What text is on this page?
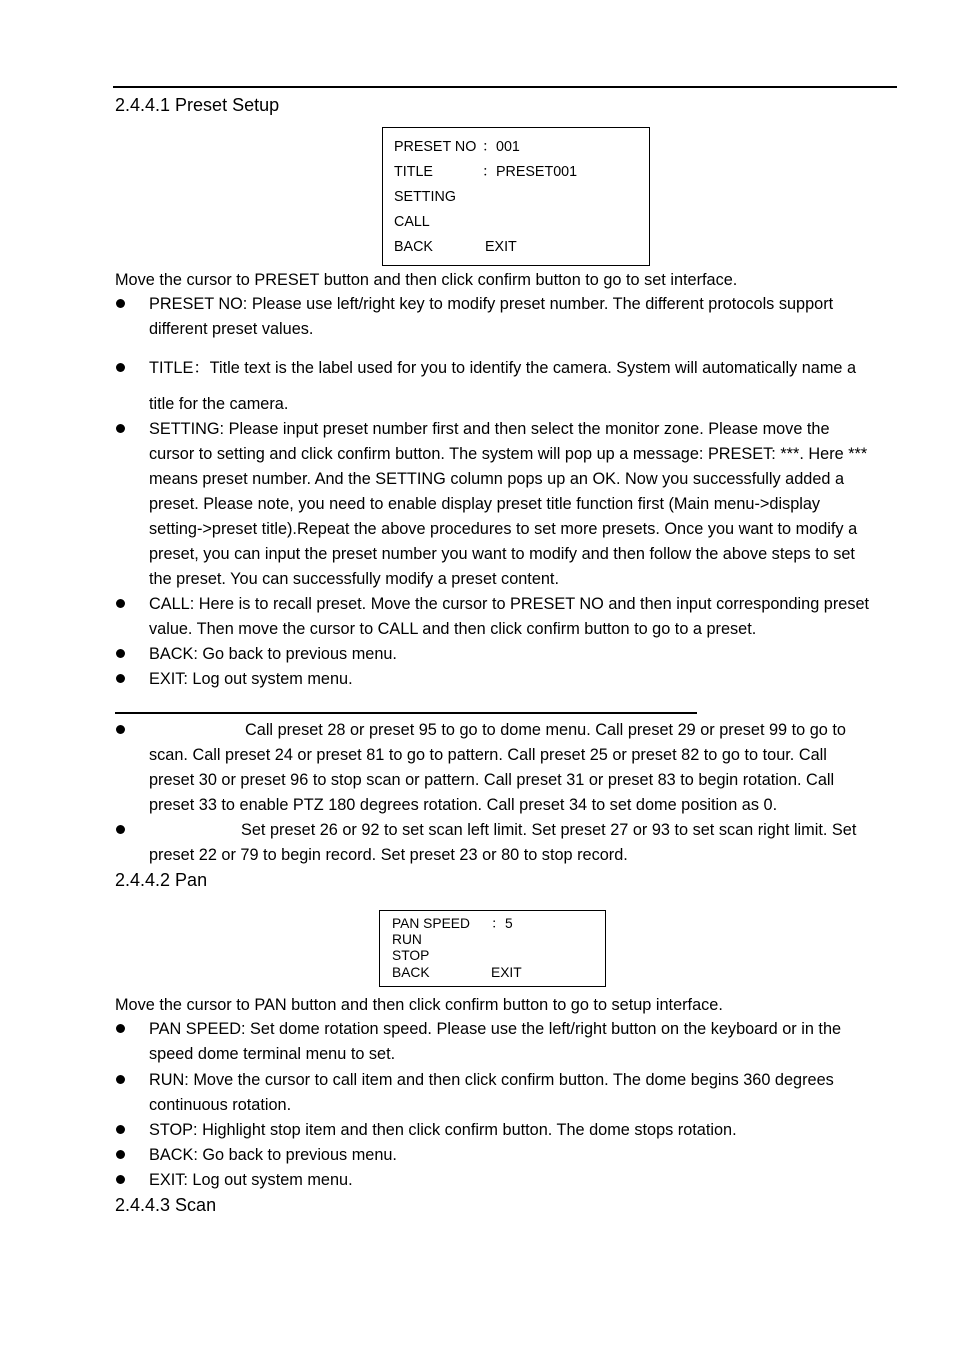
2.4.4.1 Preset Setup
PRESET NO ： 001
TITLE	： PRESET001
SETTING
CALL
BACK	EXIT
Move the cursor to PRESET button and then click confirm button to go to set interface.
PRESET NO: Please use left/right key to modify preset number. The different protocols support
different preset values.
TITLE：Title text is the label used for you to identify the camera. System will automatically name a
title for the camera.
SETTING: Please input preset number first and then select the monitor zone. Please move the
cursor to setting and click confirm button. The system will pop up a message: PRESET: ***. Here ***
means preset number. And the SETTING column pops up an OK. Now you successfully added a
preset. Please note, you need to enable display preset title function first (Main menu->display
setting->preset title).Repeat the above procedures to set more presets. Once you want to modify a
preset, you can input the preset number you want to modify and then follow the above steps to set
the preset. You can successfully modify a preset content.
CALL: Here is to recall preset. Move the cursor to PRESET NO and then input corresponding preset
value. Then move the cursor to CALL and then click confirm button to go to a preset.
BACK: Go back to previous menu.
EXIT: Log out system menu.
Call preset 28 or preset 95 to go to dome menu. Call preset 29 or preset 99 to go to
scan. Call preset 24 or preset 81 to go to pattern. Call preset 25 or preset 82 to go to tour. Call
preset 30 or preset 96 to stop scan or pattern. Call preset 31 or preset 83 to begin rotation. Call
preset 33 to enable PTZ 180 degrees rotation. Call preset 34 to set dome position as 0.
Set preset 26 or 92 to set scan left limit. Set preset 27 or 93 to set scan right limit. Set
preset 22 or 79 to begin record. Set preset 23 or 80 to stop record.
2.4.4.2 Pan
PAN SPEED ： 5
RUN
STOP
BACK	EXIT
Move the cursor to PAN button and then click confirm button to go to setup interface.
PAN SPEED: Set dome rotation speed. Please use the left/right button on the keyboard or in the
speed dome terminal menu to set.
RUN: Move the cursor to call item and then click confirm button. The dome begins 360 degrees
continuous rotation.
STOP: Highlight stop item and then click confirm button. The dome stops rotation.
BACK: Go back to previous menu.
EXIT: Log out system menu.
2.4.4.3 Scan
